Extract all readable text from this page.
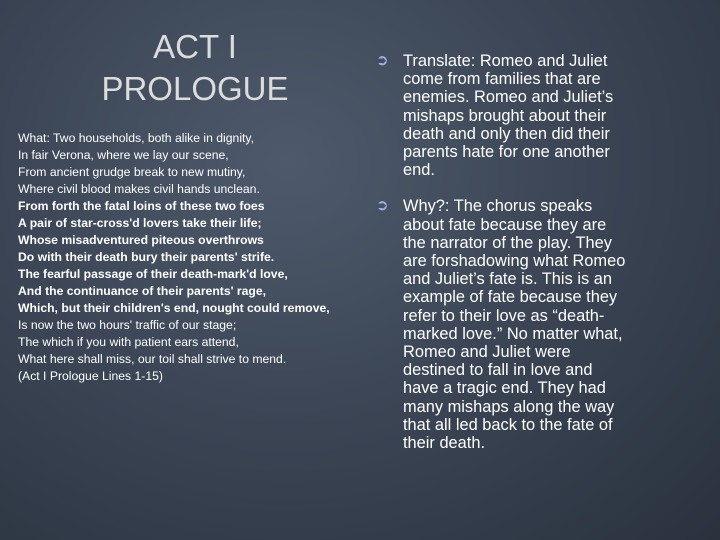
ACT I
PROLOGUE
What: Two households, both alike in dignity,
In fair Verona, where we lay our scene,
From ancient grudge break to new mutiny,
Where civil blood makes civil hands unclean.
From forth the fatal loins of these two foes
A pair of star-cross'd lovers take their life;
Whose misadventured piteous overthrows
Do with their death bury their parents' strife.
The fearful passage of their death-mark'd love,
And the continuance of their parents' rage,
Which, but their children's end, nought could remove,
Is now the two hours' traffic of our stage;
The which if you with patient ears attend,
What here shall miss, our toil shall strive to mend.
(Act I Prologue Lines 1-15)
➲ Translate: Romeo and Juliet
come from families that are
enemies. Romeo and Juliet’s
mishaps brought about their
death and only then did their
parents hate for one another
end.
➲ Why?: The chorus speaks
about fate because they are
the narrator of the play. They
are forshadowing what Romeo
and Juliet’s fate is. This is an
example of fate because they
refer to their love as “death-
marked love.” No matter what,
Romeo and Juliet were
destined to fall in love and
have a tragic end. They had
many mishaps along the way
that all led back to the fate of
their death.
